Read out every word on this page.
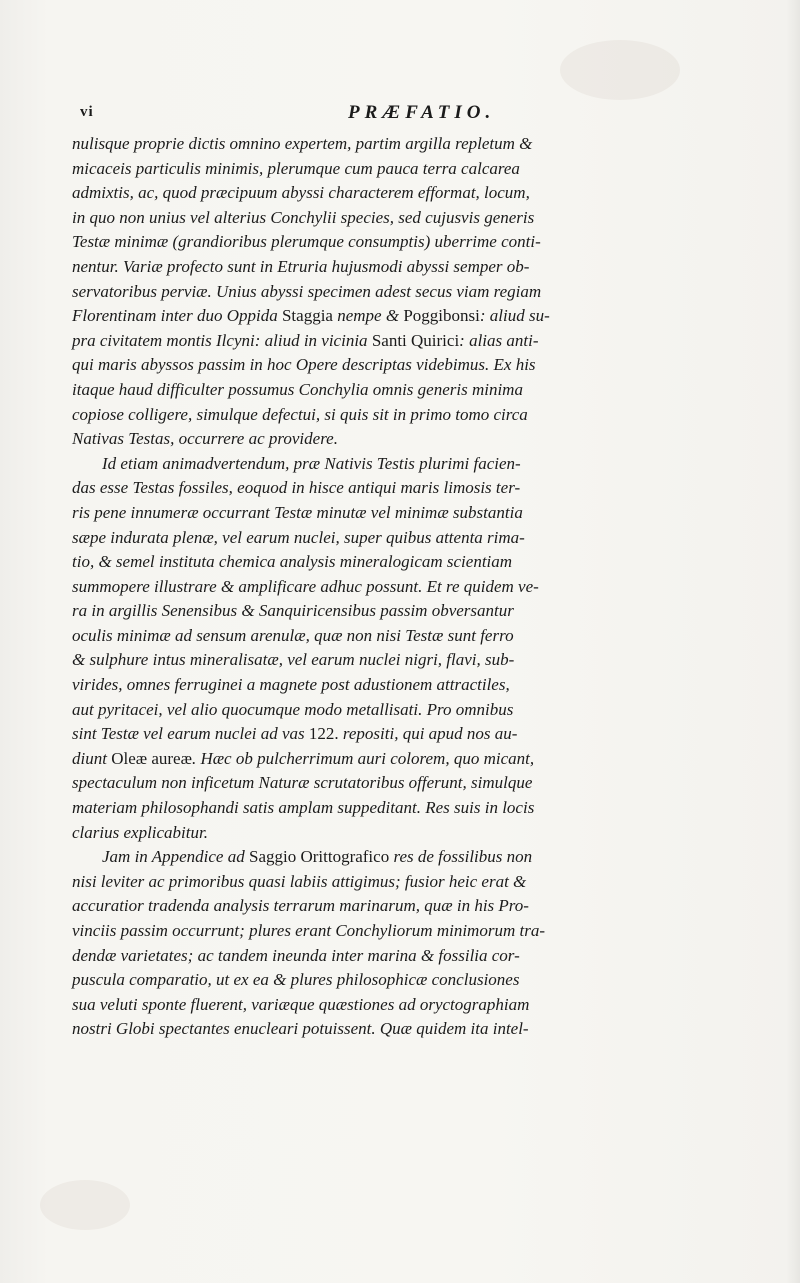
vi	PRÆFATIO.
nulisque proprie dictis omnino expertem, partim argilla repletum &
micaceis particulis minimis, plerumque cum pauca terra calcarea
admixtis, ac, quod præcipuum abyssi characterem efformat, locum,
in quo non unius vel alterius Conchylii species, sed cujusvis generis
Testæ minimæ (grandioribus plerumque consumptis) uberrime conti-
nentur. Variæ profecto sunt in Etruria hujusmodi abyssi semper ob-
servatoribus perviæ. Unius abyssi specimen adest secus viam regiam
Florentinam inter duo Oppida Staggia nempe & Poggibonsi: aliud su-
pra civitatem montis Ilcyni: aliud in vicinia Santi Quirici: alias anti-
qui maris abyssos passim in hoc Opere descriptas videbimus. Ex his
itaque haud difficulter possumus Conchylia omnis generis minima
copiose colligere, simulque defectui, si quis sit in primo tomo circa
Nativas Testas, occurrere ac providere.
Id etiam animadvertendum, præ Nativis Testis plurimi facien-
das esse Testas fossiles, eoquod in hisce antiqui maris limosis ter-
ris pene innumeræ occurrant Testæ minutæ vel minimæ substantia
sæpe indurata plenæ, vel earum nuclei, super quibus attenta rima-
tio, & semel instituta chemica analysis mineralogicam scientiam
summopere illustrare & amplificare adhuc possunt. Et re quidem ve-
ra in argillis Senensibus & Sanquiricensibus passim obversantur
oculis minimæ ad sensum arenulæ, quæ non nisi Testæ sunt ferro
& sulphure intus mineralisatæ, vel earum nuclei nigri, flavi, sub-
virides, omnes ferruginei a magnete post adustionem attractiles,
aut pyritacei, vel alio quocumque modo metallisati. Pro omnibus
sint Testæ vel earum nuclei ad vas 122. repositi, qui apud nos au-
diunt Oleæ aureæ. Hæc ob pulcherrimum auri colorem, quo micant,
spectaculum non inficetum Naturæ scrutatoribus offerunt, simulque
materiam philosophandi satis amplam suppeditant. Res suis in locis
clarius explicabitur.
Jam in Appendice ad Saggio Orittografico res de fossilibus non
nisi leviter ac primoribus quasi labiis attigimus; fusior heic erat &
accuratior tradenda analysis terrarum marinarum, quæ in his Pro-
vinciis passim occurrunt; plures erant Conchyliorum minimorum tra-
dendæ varietates; ac tandem ineunda inter marina & fossilia cor-
puscula comparatio, ut ex ea & plures philosophicæ conclusiones
sua veluti sponte fluerent, variæque quæstiones ad oryctographiam
nostri Globi spectantes enucleari potuissent. Quæ quidem ita intel-
